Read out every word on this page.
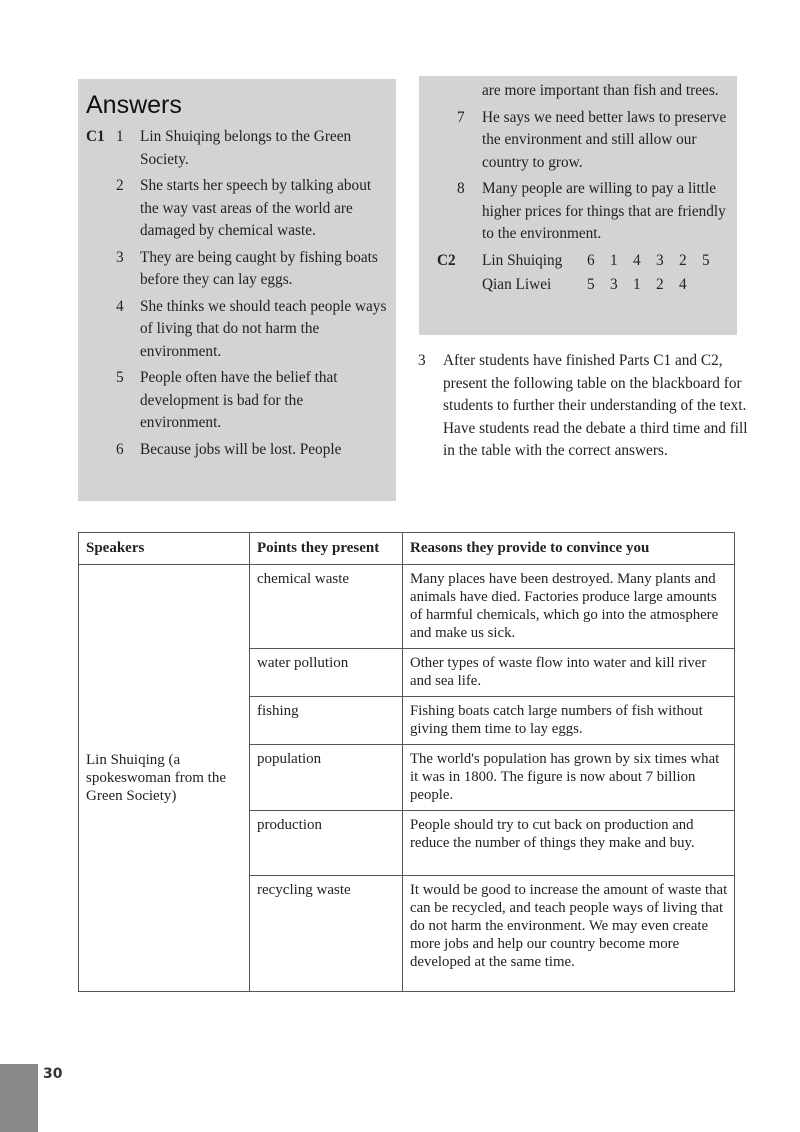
Answers
C1 1 Lin Shuiqing belongs to the Green Society.
2 She starts her speech by talking about the way vast areas of the world are damaged by chemical waste.
3 They are being caught by fishing boats before they can lay eggs.
4 She thinks we should teach people ways of living that do not harm the environment.
5 People often have the belief that development is bad for the environment.
6 Because jobs will be lost. People
are more important than fish and trees.
7 He says we need better laws to preserve the environment and still allow our country to grow.
8 Many people are willing to pay a little higher prices for things that are friendly to the environment.
C2	Lin Shuiqing	6 1 4 3 2 5
Qian Liwei	5 3 1 2 4
3 After students have finished Parts C1 and C2, present the following table on the blackboard for students to further their understanding of the text. Have students read the debate a third time and fill in the table with the correct answers.
Speakers	Points they present	Reasons they provide to convince you
Lin Shuiqing (a spokeswoman from the Green Society)	chemical waste	Many places have been destroyed. Many plants and animals have died. Factories produce large amounts of harmful chemicals, which go into the atmosphere and make us sick.
	water pollution	Other types of waste flow into water and kill river and sea life.
	fishing	Fishing boats catch large numbers of fish without giving them time to lay eggs.
	population	The world's population has grown by six times what it was in 1800. The figure is now about 7 billion people.
	production	People should try to cut back on production and reduce the number of things they make and buy.
	recycling waste	It would be good to increase the amount of waste that can be recycled, and teach people ways of living that do not harm the environment. We may even create more jobs and help our country become more developed at the same time.
30
